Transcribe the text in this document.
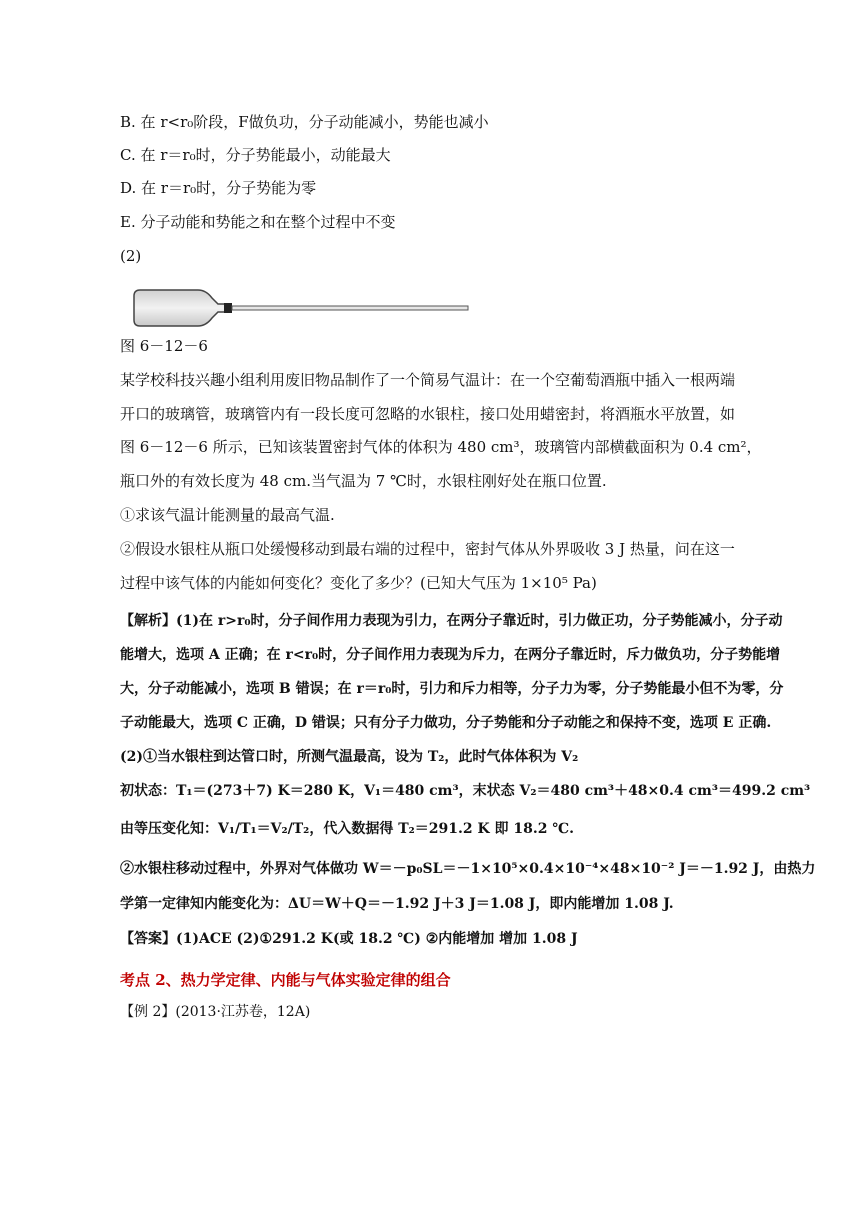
B. 在 r<r₀阶段，F做负功，分子动能减小，势能也减小
C. 在 r＝r₀时，分子势能最小，动能最大
D. 在 r＝r₀时，分子势能为零
E. 分子动能和势能之和在整个过程中不变
(2)
图 6－12－6
某学校科技兴趣小组利用废旧物品制作了一个简易气温计：在一个空葡萄酒瓶中插入一根两端
开口的玻璃管，玻璃管内有一段长度可忽略的水银柱，接口处用蜡密封，将酒瓶水平放置，如
图 6－12－6 所示，已知该装置密封气体的体积为 480 cm³，玻璃管内部横截面积为 0.4 cm²，
瓶口外的有效长度为 48 cm.当气温为 7 ℃时，水银柱刚好处在瓶口位置.
①求该气温计能测量的最高气温.
②假设水银柱从瓶口处缓慢移动到最右端的过程中，密封气体从外界吸收 3 J 热量，问在这一
过程中该气体的内能如何变化？变化了多少？(已知大气压为 1×10⁵ Pa)
【解析】(1)在 r>r₀时，分子间作用力表现为引力，在两分子靠近时，引力做正功，分子势能减小，分子动
能增大，选项 A 正确；在 r<r₀时，分子间作用力表现为斥力，在两分子靠近时，斥力做负功，分子势能增
大，分子动能减小，选项 B 错误；在 r＝r₀时，引力和斥力相等，分子力为零，分子势能最小但不为零，分
子动能最大，选项 C 正确，D 错误；只有分子力做功，分子势能和分子动能之和保持不变，选项 E 正确.
(2)①当水银柱到达管口时，所测气温最高，设为 T₂，此时气体体积为 V₂
初状态：T₁＝(273＋7) K＝280 K，V₁＝480 cm³，末状态 V₂＝480 cm³＋48×0.4 cm³＝499.2 cm³
由等压变化知：V₁/T₁＝V₂/T₂，代入数据得 T₂＝291.2 K 即 18.2 ℃.
②水银柱移动过程中，外界对气体做功 W＝－p₀SL＝－1×10⁵×0.4×10⁻⁴×48×10⁻² J＝－1.92 J，由热力
学第一定律知内能变化为：ΔU＝W＋Q＝－1.92 J＋3 J＝1.08 J，即内能增加 1.08 J.
【答案】(1)ACE (2)①291.2 K(或 18.2 ℃) ②内能增加 增加 1.08 J
考点 2、热力学定律、内能与气体实验定律的组合
【例 2】(2013·江苏卷，12A)
